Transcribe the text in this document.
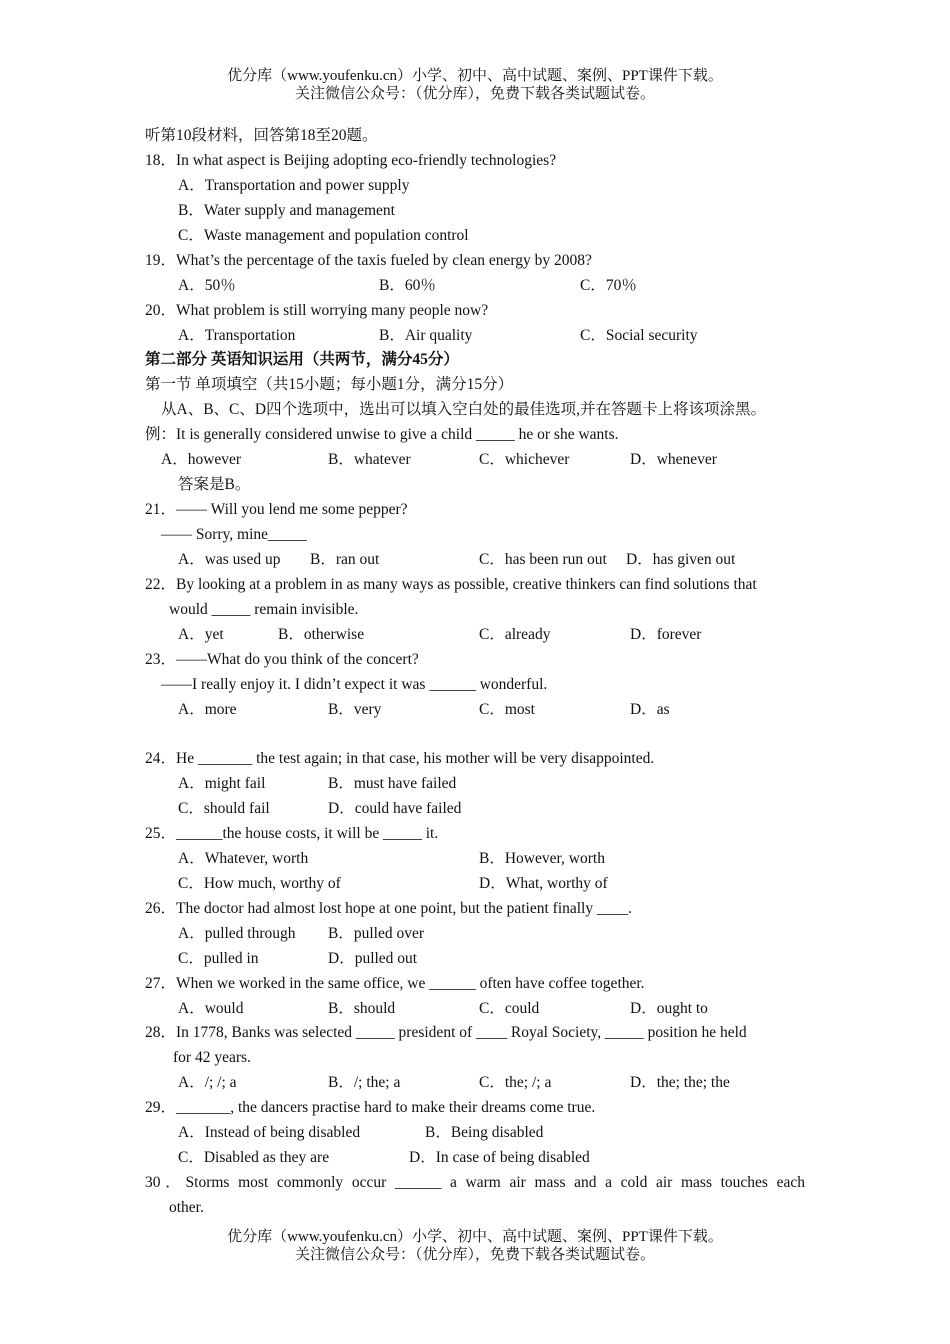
优分库（www.youfenku.cn）小学、初中、高中试题、案例、PPT课件下载。
关注微信公众号：（优分库），免费下载各类试题试卷。
听第10段材料，回答第18至20题。
18．In what aspect is Beijing adopting eco-friendly technologies?
A．Transportation and power supply
B．Water supply and management
C．Waste management and population control
19．What’s the percentage of the taxis fueled by clean energy by 2008?
A．50％	B．60％	C．70％
20．What problem is still worrying many people now?
A．Transportation	B．Air quality	C．Social security
第二部分 英语知识运用（共两节，满分45分）
第一节 单项填空（共15小题；每小题1分，满分15分）
从A、B、C、D四个选项中，选出可以填入空白处的最佳选项,并在答题卡上将该项涂黑。
例：It is generally considered unwise to give a child _____ he or she wants.
A．however	B．whatever	C．whichever	D．whenever
答案是B。
21．—— Will you lend me some pepper?
—— Sorry, mine_____
A．was used up B．ran out	C．has been run out D．has given out
22．By looking at a problem in as many ways as possible, creative thinkers can find solutions that
would _____ remain invisible.
A．yet	B．otherwise	C．already	D．forever
23．——What do you think of the concert?
——I really enjoy it. I didn’t expect it was ______ wonderful.
A．more	B．very	C．most	D．as
24．He _______ the test again; in that case, his mother will be very disappointed.
A．might fail	B．must have failed
C．should fail	D．could have failed
25．______the house costs, it will be _____ it.
A．Whatever, worth	B．However, worth
C．How much, worthy of	D．What, worthy of
26．The doctor had almost lost hope at one point, but the patient finally ____.
A．pulled through B．pulled over
C．pulled in	D．pulled out
27．When we worked in the same office, we ______ often have coffee together.
A．would	B．should	C．could	D．ought to
28．In 1778, Banks was selected _____ president of ____ Royal Society, _____ position he held
for 42 years.
A．/; /; a	B．/; the; a	C．the; /; a	D．the; the; the
29．_______, the dancers practise hard to make their dreams come true.
A．Instead of being disabled	B．Being disabled
C．Disabled as they are	D．In case of being disabled
30．Storms most commonly occur ______ a warm air mass and a cold air mass touches each
other.
优分库（www.youfenku.cn）小学、初中、高中试题、案例、PPT课件下载。
关注微信公众号：（优分库），免费下载各类试题试卷。
